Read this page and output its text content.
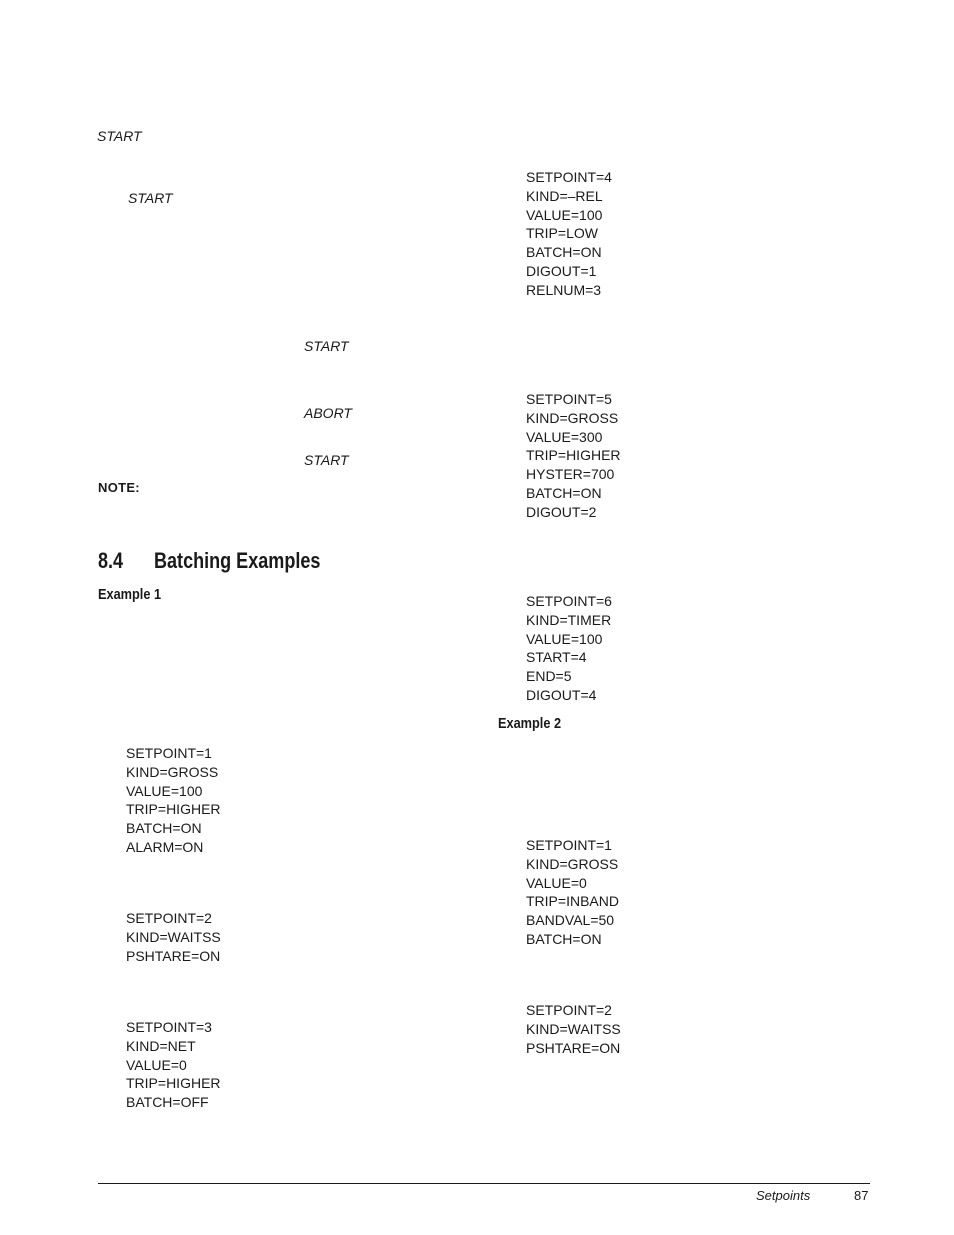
START
START
START
ABORT
START
NOTE:
8.4 Batching Examples
Example 1
SETPOINT=1
KIND=GROSS
VALUE=100
TRIP=HIGHER
BATCH=ON
ALARM=ON
SETPOINT=2
KIND=WAITSS
PSHTARE=ON
SETPOINT=3
KIND=NET
VALUE=0
TRIP=HIGHER
BATCH=OFF
SETPOINT=4
KIND=–REL
VALUE=100
TRIP=LOW
BATCH=ON
DIGOUT=1
RELNUM=3
SETPOINT=5
KIND=GROSS
VALUE=300
TRIP=HIGHER
HYSTER=700
BATCH=ON
DIGOUT=2
SETPOINT=6
KIND=TIMER
VALUE=100
START=4
END=5
DIGOUT=4
Example 2
SETPOINT=1
KIND=GROSS
VALUE=0
TRIP=INBAND
BANDVAL=50
BATCH=ON
SETPOINT=2
KIND=WAITSS
PSHTARE=ON
Setpoints	87
